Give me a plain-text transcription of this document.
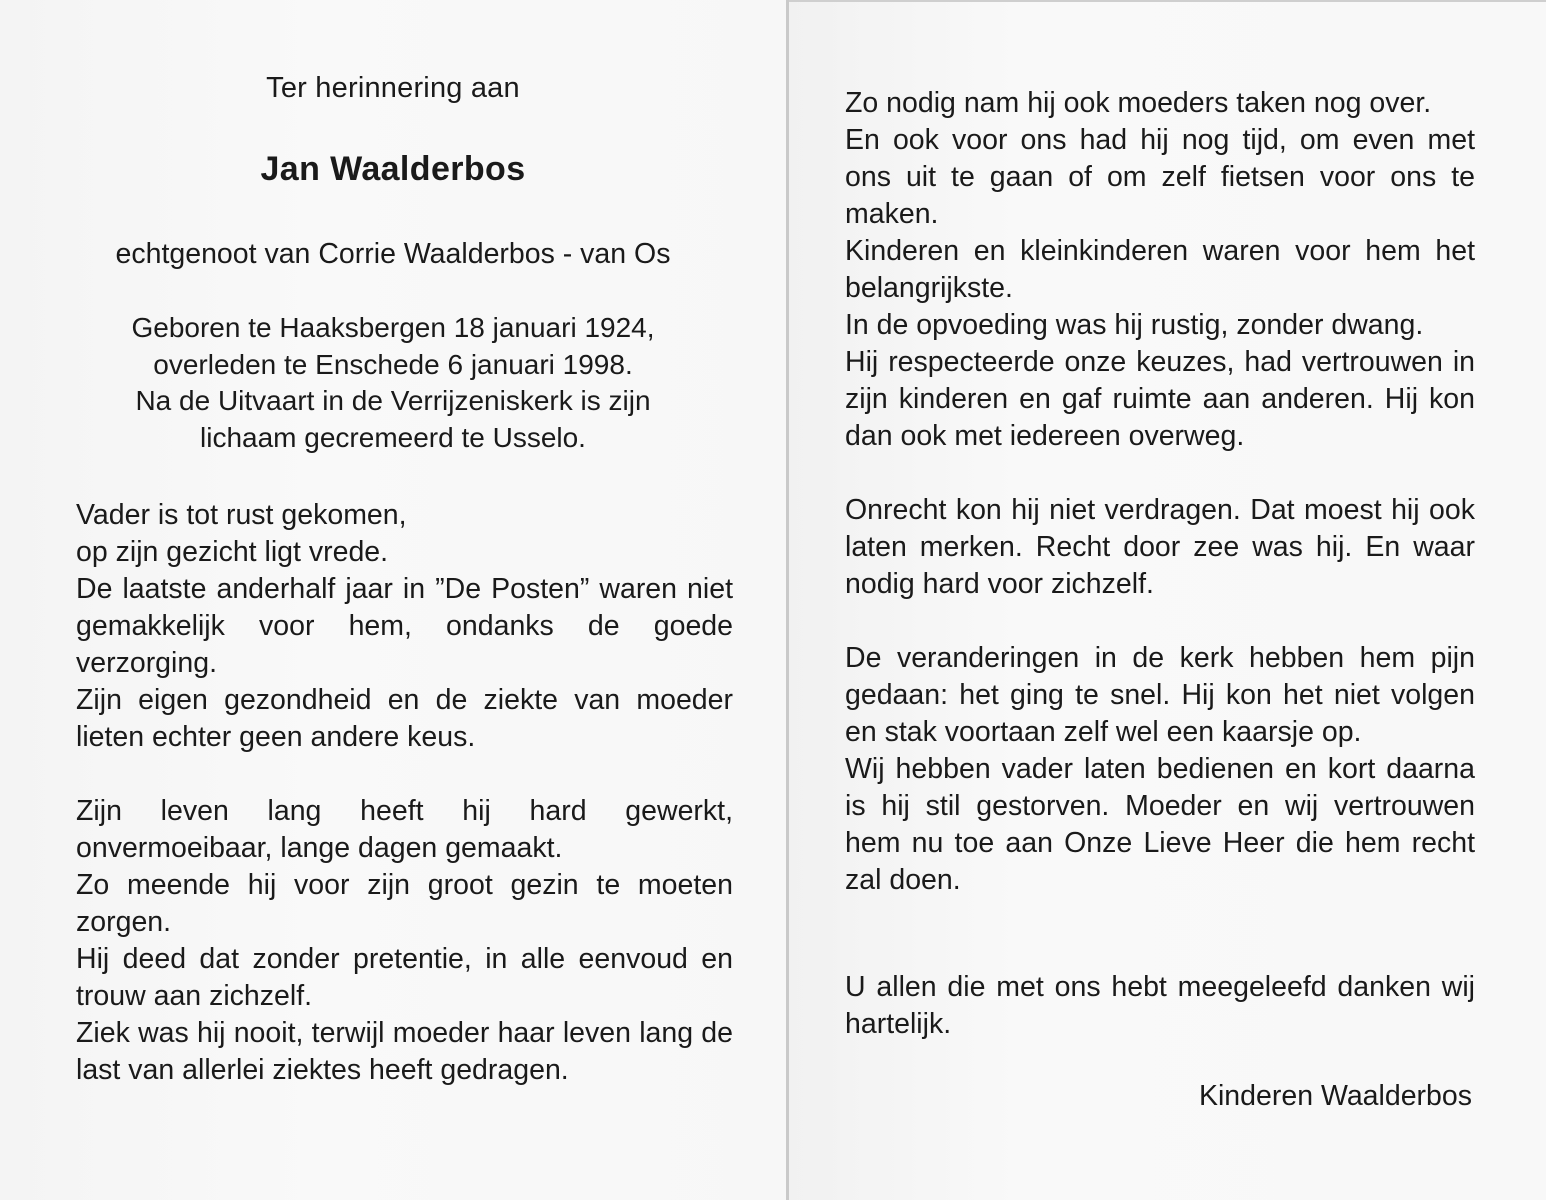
Ter herinnering aan
Jan Waalderbos
echtgenoot van Corrie Waalderbos - van Os
Geboren te Haaksbergen 18 januari 1924,
overleden te Enschede 6 januari 1998.
Na de Uitvaart in de Verrijzeniskerk is zijn
lichaam gecremeerd te Usselo.

Vader is tot rust gekomen,

op zijn gezicht ligt vrede.

De laatste anderhalf jaar in ”De Posten” waren niet gemakkelijk voor hem, ondanks de goede verzorging.

Zijn eigen gezondheid en de ziekte van moeder lieten echter geen andere keus.

Zijn leven lang heeft hij hard gewerkt, onvermoeibaar, lange dagen gemaakt.

Zo meende hij voor zijn groot gezin te moeten zorgen.

Hij deed dat zonder pretentie, in alle eenvoud en trouw aan zichzelf.

Ziek was hij nooit, terwijl moeder haar leven lang de last van allerlei ziektes heeft gedragen.

Zo nodig nam hij ook moeders taken nog over.

En ook voor ons had hij nog tijd, om even met ons uit te gaan of om zelf fietsen voor ons te maken.

Kinderen en kleinkinderen waren voor hem het belangrijkste.

In de opvoeding was hij rustig, zonder dwang.

Hij respecteerde onze keuzes, had vertrouwen in zijn kinderen en gaf ruimte aan anderen. Hij kon dan ook met iedereen overweg.

Onrecht kon hij niet verdragen. Dat moest hij ook laten merken. Recht door zee was hij. En waar nodig hard voor zichzelf.

De veranderingen in de kerk hebben hem pijn gedaan: het ging te snel. Hij kon het niet volgen en stak voortaan zelf wel een kaarsje op.

Wij hebben vader laten bedienen en kort daarna is hij stil gestorven. Moeder en wij vertrouwen hem nu toe aan Onze Lieve Heer die hem recht zal doen.

U allen die met ons hebt meegeleefd danken wij hartelijk.
Kinderen Waalderbos
